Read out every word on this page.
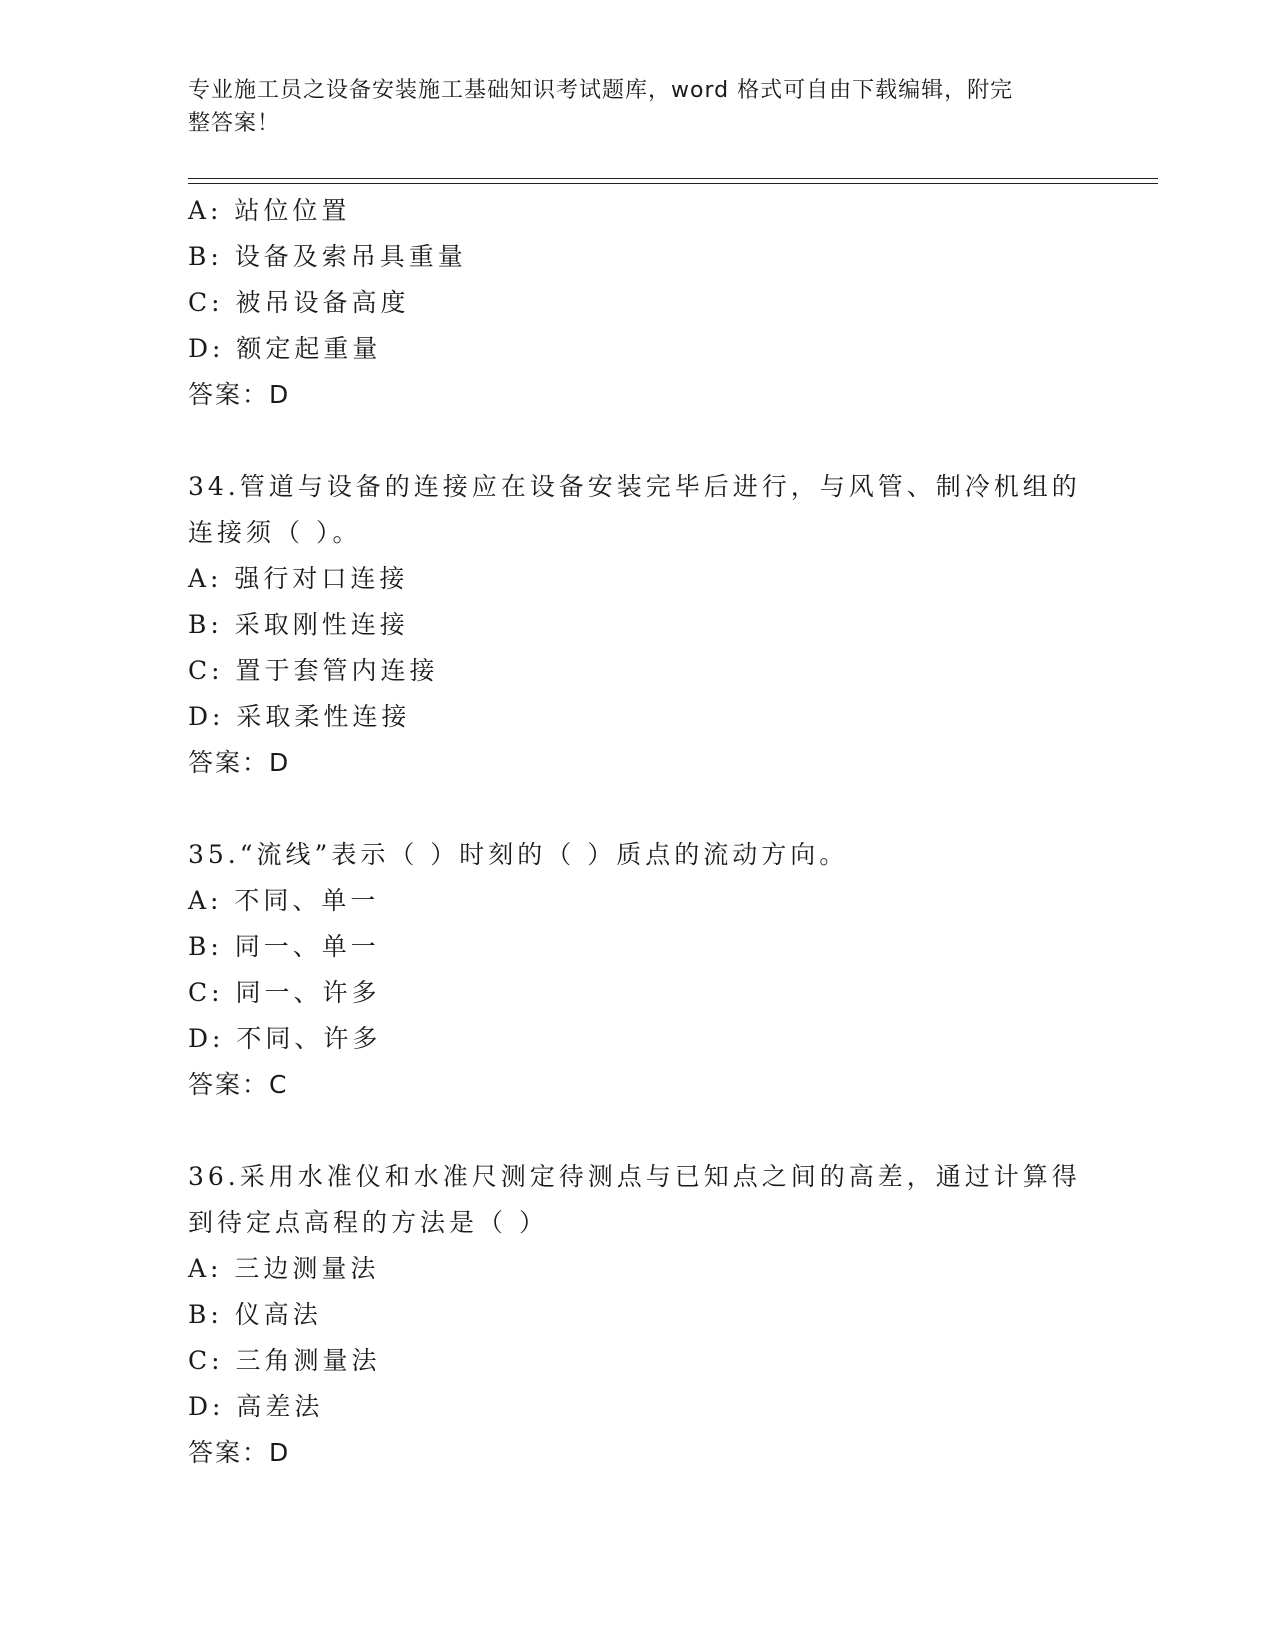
专业施工员之设备安装施工基础知识考试题库，word 格式可自由下载编辑，附完
整答案！
A: 站位位置
B: 设备及索吊具重量
C: 被吊设备高度
D: 额定起重量
答案：D
34.管道与设备的连接应在设备安装完毕后进行，与风管、制冷机组的
连接须（ ）。
A: 强行对口连接
B: 采取刚性连接
C: 置于套管内连接
D: 采取柔性连接
答案：D
35.“流线”表示（ ）时刻的（ ）质点的流动方向。
A: 不同、单一
B: 同一、单一
C: 同一、许多
D: 不同、许多
答案：C
36.采用水准仪和水准尺测定待测点与已知点之间的高差，通过计算得
到待定点高程的方法是（ ）
A: 三边测量法
B: 仪高法
C: 三角测量法
D: 高差法
答案：D
